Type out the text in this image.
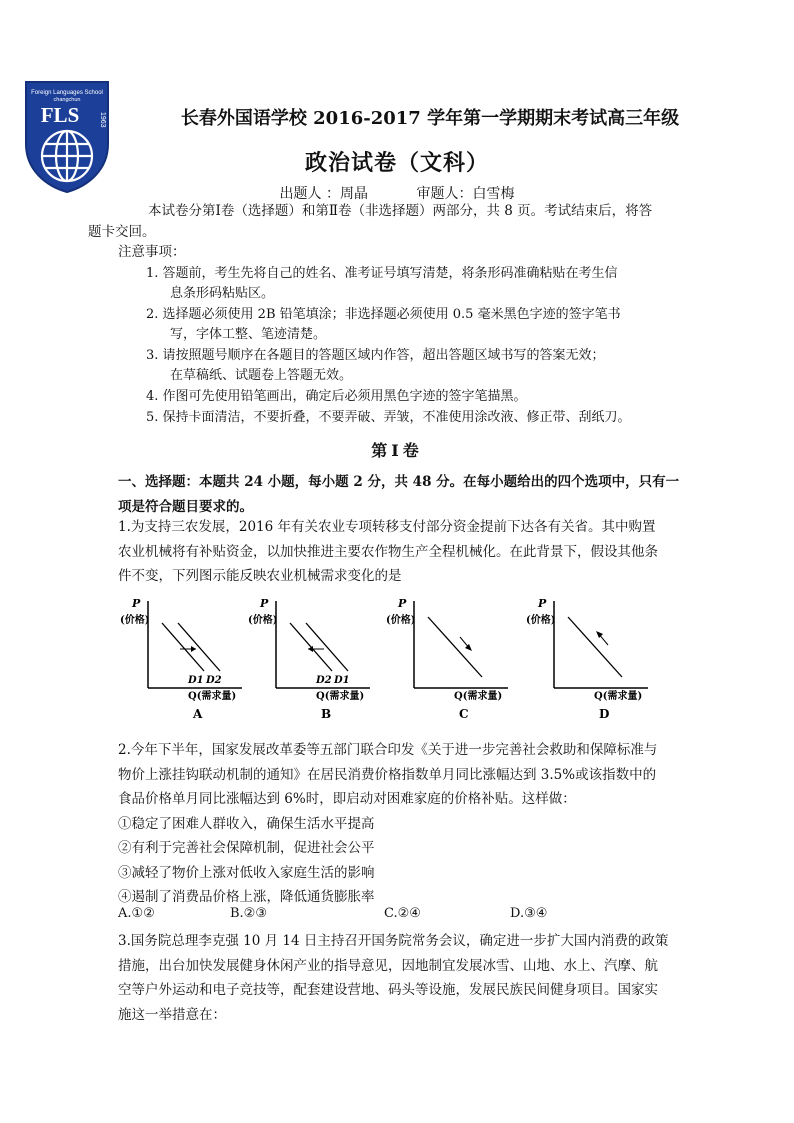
Foreign Languages School
changchun
FLS	1963	长春外国语学校 2016-2017 学年第一学期期末考试高三年级
政治试卷（文科）
出题人 ：周晶	审题人：白雪梅
本试卷分第Ⅰ卷（选择题）和第Ⅱ卷（非选择题）两部分，共 8 页。考试结束后，将答
题卡交回。
注意事项：
1. 答题前，考生先将自己的姓名、准考证号填写清楚，将条形码准确粘贴在考生信
息条形码粘贴区。
2. 选择题必须使用 2B 铅笔填涂；非选择题必须使用 0.5 毫米黑色字迹的签字笔书
写，字体工整、笔迹清楚。
3. 请按照题号顺序在各题目的答题区域内作答，超出答题区域书写的答案无效；
在草稿纸、试题卷上答题无效。
4. 作图可先使用铅笔画出，确定后必须用黑色字迹的签字笔描黑。
5. 保持卡面清洁，不要折叠，不要弄破、弄皱，不准使用涂改液、修正带、刮纸刀。
第Ⅰ卷
一、选择题：本题共 24 小题，每小题 2 分，共 48 分。在每小题给出的四个选项中，只有一
项是符合题目要求的。
1.为支持三农发展，2016 年有关农业专项转移支付部分资金提前下达各有关省。其中购置
农业机械将有补贴资金，以加快推进主要农作物生产全程机械化。在此背景下，假设其他条
件不变，下列图示能反映农业机械需求变化的是
P
(价格)
D1 D2
Q(需求量)
A
P
(价格)
D2 D1
Q(需求量)
B
P
(价格)
Q(需求量)
C
P
(价格)
Q(需求量)
D
2.今年下半年，国家发展改革委等五部门联合印发《关于进一步完善社会救助和保障标准与
物价上涨挂钩联动机制的通知》在居民消费价格指数单月同比涨幅达到 3.5%或该指数中的
食品价格单月同比涨幅达到 6%时，即启动对困难家庭的价格补贴。这样做：
①稳定了困难人群收入，确保生活水平提高
②有利于完善社会保障机制，促进社会公平
③减轻了物价上涨对低收入家庭生活的影响
④遏制了消费品价格上涨，降低通货膨胀率
A.①②	B.②③	C.②④	D.③④
3.国务院总理李克强 10 月 14 日主持召开国务院常务会议，确定进一步扩大国内消费的政策
措施，出台加快发展健身休闲产业的指导意见，因地制宜发展冰雪、山地、水上、汽摩、航
空等户外运动和电子竞技等，配套建设营地、码头等设施，发展民族民间健身项目。国家实
施这一举措意在：
